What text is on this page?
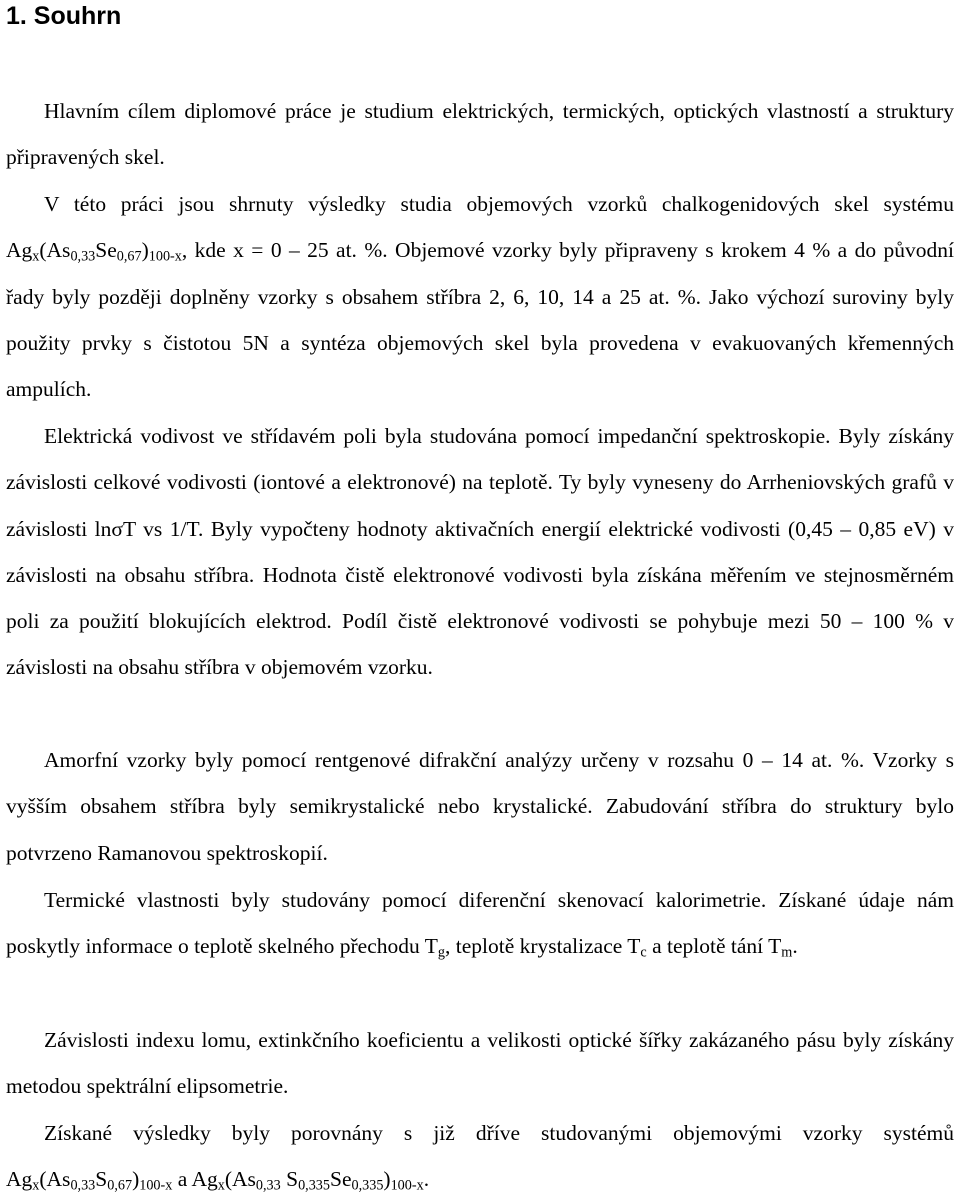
1. Souhrn

Hlavním cílem diplomové práce je studium elektrických, termických, optických vlastností a struktury připravených skel.

V této práci jsou shrnuty výsledky studia objemových vzorků chalkogenidových skel systému $Ag_x(As_{0,33}Se_{0,67})_{100-x}$, kde x = 0 – 25 at. %. Objemové vzorky byly připraveny s krokem 4 % a do původní řady byly později doplněny vzorky s obsahem stříbra 2, 6, 10, 14 a 25 at. %. Jako výchozí suroviny byly použity prvky s čistotou 5N a syntéza objemových skel byla provedena v evakuovaných křemenných ampulích.

Elektrická vodivost ve střídavém poli byla studována pomocí impedanční spektroskopie. Byly získány závislosti celkové vodivosti (iontové a elektronové) na teplotě. Ty byly vyneseny do Arrheniovských grafů v závislosti lnσT vs 1/T. Byly vypočteny hodnoty aktivačních energií elektrické vodivosti (0,45 – 0,85 eV) v závislosti na obsahu stříbra. Hodnota čistě elektronové vodivosti byla získána měřením ve stejnosměrném poli za použití blokujících elektrod. Podíl čistě elektronové vodivosti se pohybuje mezi 50 – 100 % v závislosti na obsahu stříbra v objemovém vzorku.

Amorfní vzorky byly pomocí rentgenové difrakční analýzy určeny v rozsahu 0 – 14 at. %. Vzorky s vyšším obsahem stříbra byly semikrystalické nebo krystalické. Zabudování stříbra do struktury bylo potvrzeno Ramanovou spektroskopií.

Termické vlastnosti byly studovány pomocí diferenční skenovací kalorimetrie. Získané údaje nám poskytly informace o teplotě skelného přechodu $T_g$, teplotě krystalizace $T_c$ a teplotě tání $T_m$.

Závislosti indexu lomu, extinkčního koeficientu a velikosti optické šířky zakázaného pásu byly získány metodou spektrální elipsometrie.

Získané výsledky byly porovnány s již dříve studovanými objemovými vzorky systémů $Ag_x(As_{0,33}S_{0,67})_{100-x}$ a $Ag_x(As_{0,33}$ $S_{0,335}Se_{0,335})_{100-x}$.
